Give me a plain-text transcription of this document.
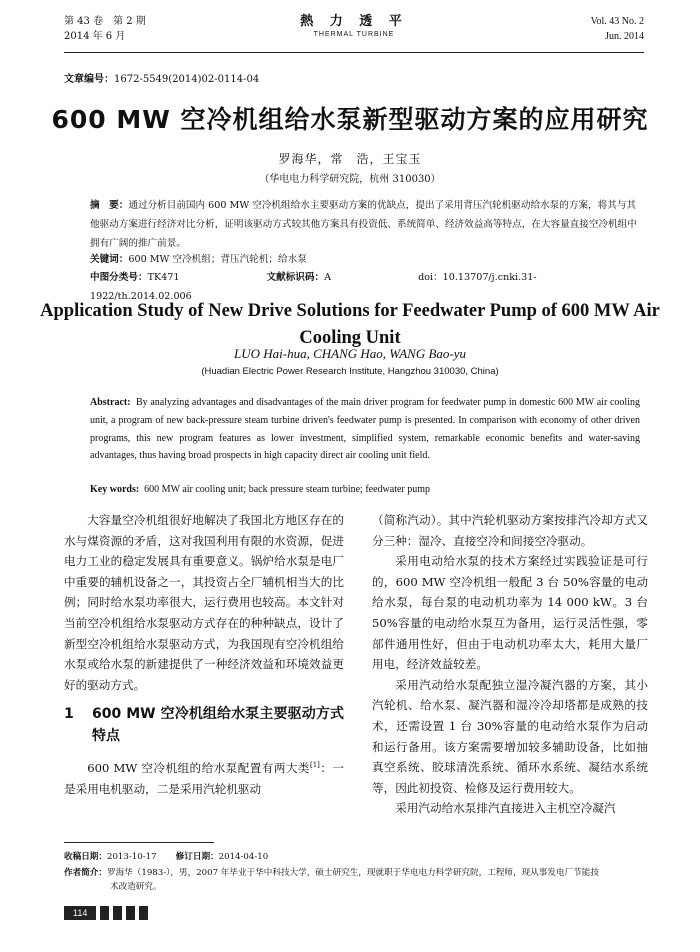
第 43 卷　第 2 期
2014 年 6 月
熱 力 透 平
THERMAL TURBINE
Vol. 43 No. 2
Jun. 2014
文章编号：1672-5549(2014)02-0114-04
600 MW 空冷机组给水泵新型驱动方案的应用研究
罗海华，常　浩，王宝玉
（华电电力科学研究院，杭州 310030）
摘　要：通过分析目前国内 600 MW 空冷机组给水主要驱动方案的优缺点，提出了采用背压汽轮机驱动给水泵的方案，将其与其他驱动方案进行经济对比分析，证明该驱动方式较其他方案具有投资低、系统简单、经济效益高等特点，在大容量直接空冷机组中拥有广阔的推广前景。
关键词：600 MW 空冷机组；背压汽轮机；给水泵
中图分类号：TK471	文献标识码：A	doi：10.13707/j.cnki.31-1922/th.2014.02.006
Application Study of New Drive Solutions for Feedwater Pump of 600 MW Air Cooling Unit
LUO Hai-hua, CHANG Hao, WANG Bao-yu
(Huadian Electric Power Research Institute, Hangzhou 310030, China)
Abstract: By analyzing advantages and disadvantages of the main driver program for feedwater pump in domestic 600 MW air cooling unit, a program of new back-pressure steam turbine driven's feedwater pump is presented. In comparison with economy of other driven programs, this new program features as lower investment, simplified system, remarkable economic benefits and water-saving advantages, thus having broad prospects in high capacity direct air cooling unit field.
Key words: 600 MW air cooling unit; back pressure steam turbine; feedwater pump

大容量空冷机组很好地解决了我国北方地区存在的水与煤资源的矛盾，这对我国利用有限的水资源，促进电力工业的稳定发展具有重要意义。锅炉给水泵是电厂中重要的辅机设备之一，其投资占全厂辅机相当大的比例；同时给水泵功率很大，运行费用也较高。本文针对当前空冷机组给水泵驱动方式存在的种种缺点，设计了新型空冷机组给水泵驱动方式，为我国现有空冷机组给水泵或给水泵的新建提供了一种经济效益和环境效益更好的驱动方式。

1	600 MW 空冷机组给水泵主要驱动方式特点

600 MW 空冷机组的给水泵配置有两大类[1]：一是采用电机驱动，二是采用汽轮机驱动

（简称汽动）。其中汽轮机驱动方案按排汽冷却方式又分三种：湿冷、直接空冷和间接空冷驱动。

采用电动给水泵的技术方案经过实践验证是可行的，600 MW 空冷机组一般配 3 台 50%容量的电动给水泵，每台泵的电动机功率为 14 000 kW。3 台 50%容量的电动给水泵互为备用，运行灵活性强，零部件通用性好，但由于电动机功率太大，耗用大量厂用电，经济效益较差。

采用汽动给水泵配独立湿冷凝汽器的方案，其小汽轮机、给水泵、凝汽器和湿冷冷却塔都是成熟的技术，还需设置 1 台 30%容量的电动给水泵作为启动和运行备用。该方案需要增加较多辅助设备，比如抽真空系统、胶球清洗系统、循环水系统、凝结水系统等，因此初投资、检修及运行费用较大。

采用汽动给水泵排汽直接进入主机空冷凝汽

收稿日期：2013-10-17 修订日期：2014-04-10
作者简介：罗海华（1983-），男，2007 年毕业于华中科技大学，硕士研究生，现就职于华电电力科学研究院，工程师，现从事发电厂节能技
术改造研究。
114
